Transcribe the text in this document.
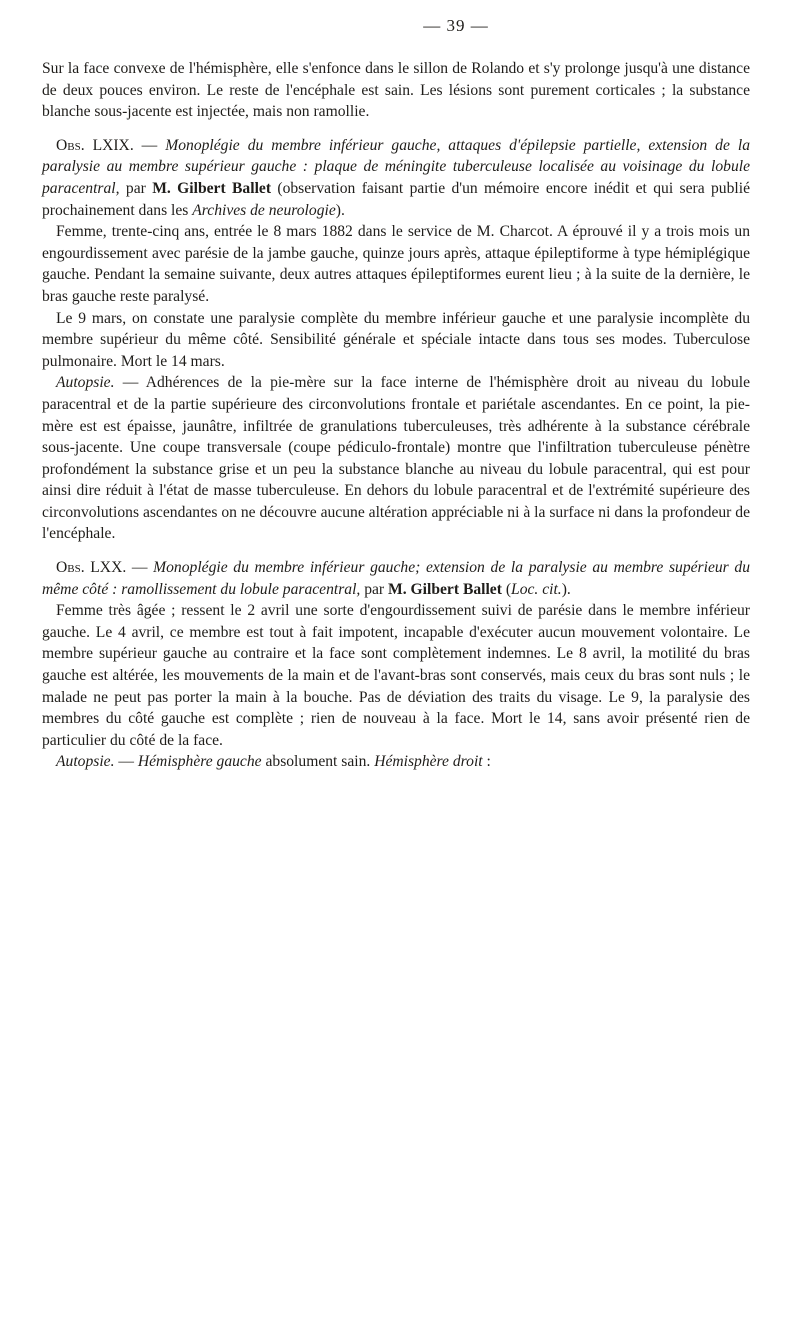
— 39 —

Sur la face convexe de l'hémisphère, elle s'enfonce dans le sillon de Rolando et s'y prolonge jusqu'à une distance de deux pouces environ. Le reste de l'encéphale est sain. Les lésions sont purement corticales ; la substance blanche sous-jacente est injectée, mais non ramollie.

Obs. LXIX. — Monoplégie du membre inférieur gauche, attaques d'épilepsie partielle, extension de la paralysie au membre supérieur gauche : plaque de méningite tuberculeuse localisée au voisinage du lobule paracentral, par M. Gilbert Ballet (observation faisant partie d'un mémoire encore inédit et qui sera publié prochainement dans les Archives de neurologie).

Femme, trente-cinq ans, entrée le 8 mars 1882 dans le service de M. Charcot. A éprouvé il y a trois mois un engourdissement avec parésie de la jambe gauche, quinze jours après, attaque épileptiforme à type hémiplégique gauche. Pendant la semaine suivante, deux autres attaques épileptiformes eurent lieu ; à la suite de la dernière, le bras gauche reste paralysé.

Le 9 mars, on constate une paralysie complète du membre inférieur gauche et une paralysie incomplète du membre supérieur du même côté. Sensibilité générale et spéciale intacte dans tous ses modes. Tuberculose pulmonaire. Mort le 14 mars.

Autopsie. — Adhérences de la pie-mère sur la face interne de l'hémisphère droit au niveau du lobule paracentral et de la partie supérieure des circonvolutions frontale et pariétale ascendantes. En ce point, la pie-mère est est épaisse, jaunâtre, infiltrée de granulations tuberculeuses, très adhérente à la substance cérébrale sous-jacente. Une coupe transversale (coupe pédiculo-frontale) montre que l'infiltration tuberculeuse pénètre profondément la substance grise et un peu la substance blanche au niveau du lobule paracentral, qui est pour ainsi dire réduit à l'état de masse tuberculeuse. En dehors du lobule paracentral et de l'extrémité supérieure des circonvolutions ascendantes on ne découvre aucune altération appréciable ni à la surface ni dans la profondeur de l'encéphale.

Obs. LXX. — Monoplégie du membre inférieur gauche; extension de la paralysie au membre supérieur du même côté : ramollissement du lobule paracentral, par M. Gilbert Ballet (Loc. cit.).

Femme très âgée ; ressent le 2 avril une sorte d'engourdissement suivi de parésie dans le membre inférieur gauche. Le 4 avril, ce membre est tout à fait impotent, incapable d'exécuter aucun mouvement volontaire. Le membre supérieur gauche au contraire et la face sont complètement indemnes. Le 8 avril, la motilité du bras gauche est altérée, les mouvements de la main et de l'avant-bras sont conservés, mais ceux du bras sont nuls ; le malade ne peut pas porter la main à la bouche. Pas de déviation des traits du visage. Le 9, la paralysie des membres du côté gauche est complète ; rien de nouveau à la face. Mort le 14, sans avoir présenté rien de particulier du côté de la face.

Autopsie. — Hémisphère gauche absolument sain. Hémisphère droit :
